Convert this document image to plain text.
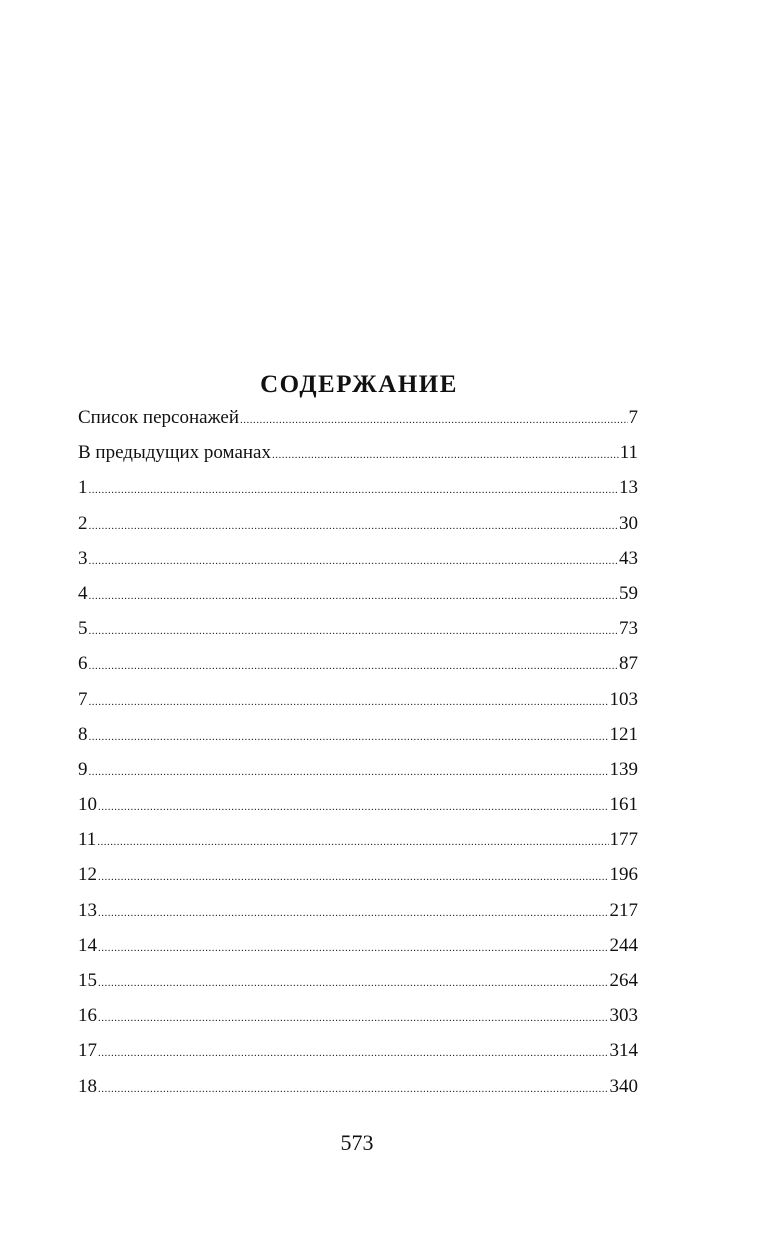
СОДЕРЖАНИЕ
Список персонажей .....	7
В предыдущих романах .....	11
1 .....	13
2 .....	30
3 .....	43
4 .....	59
5 .....	73
6 .....	87
7 .....	103
8 .....	121
9 .....	139
10 .....	161
11 .....	177
12 .....	196
13 .....	217
14 .....	244
15 .....	264
16 .....	303
17 .....	314
18 .....	340
573
